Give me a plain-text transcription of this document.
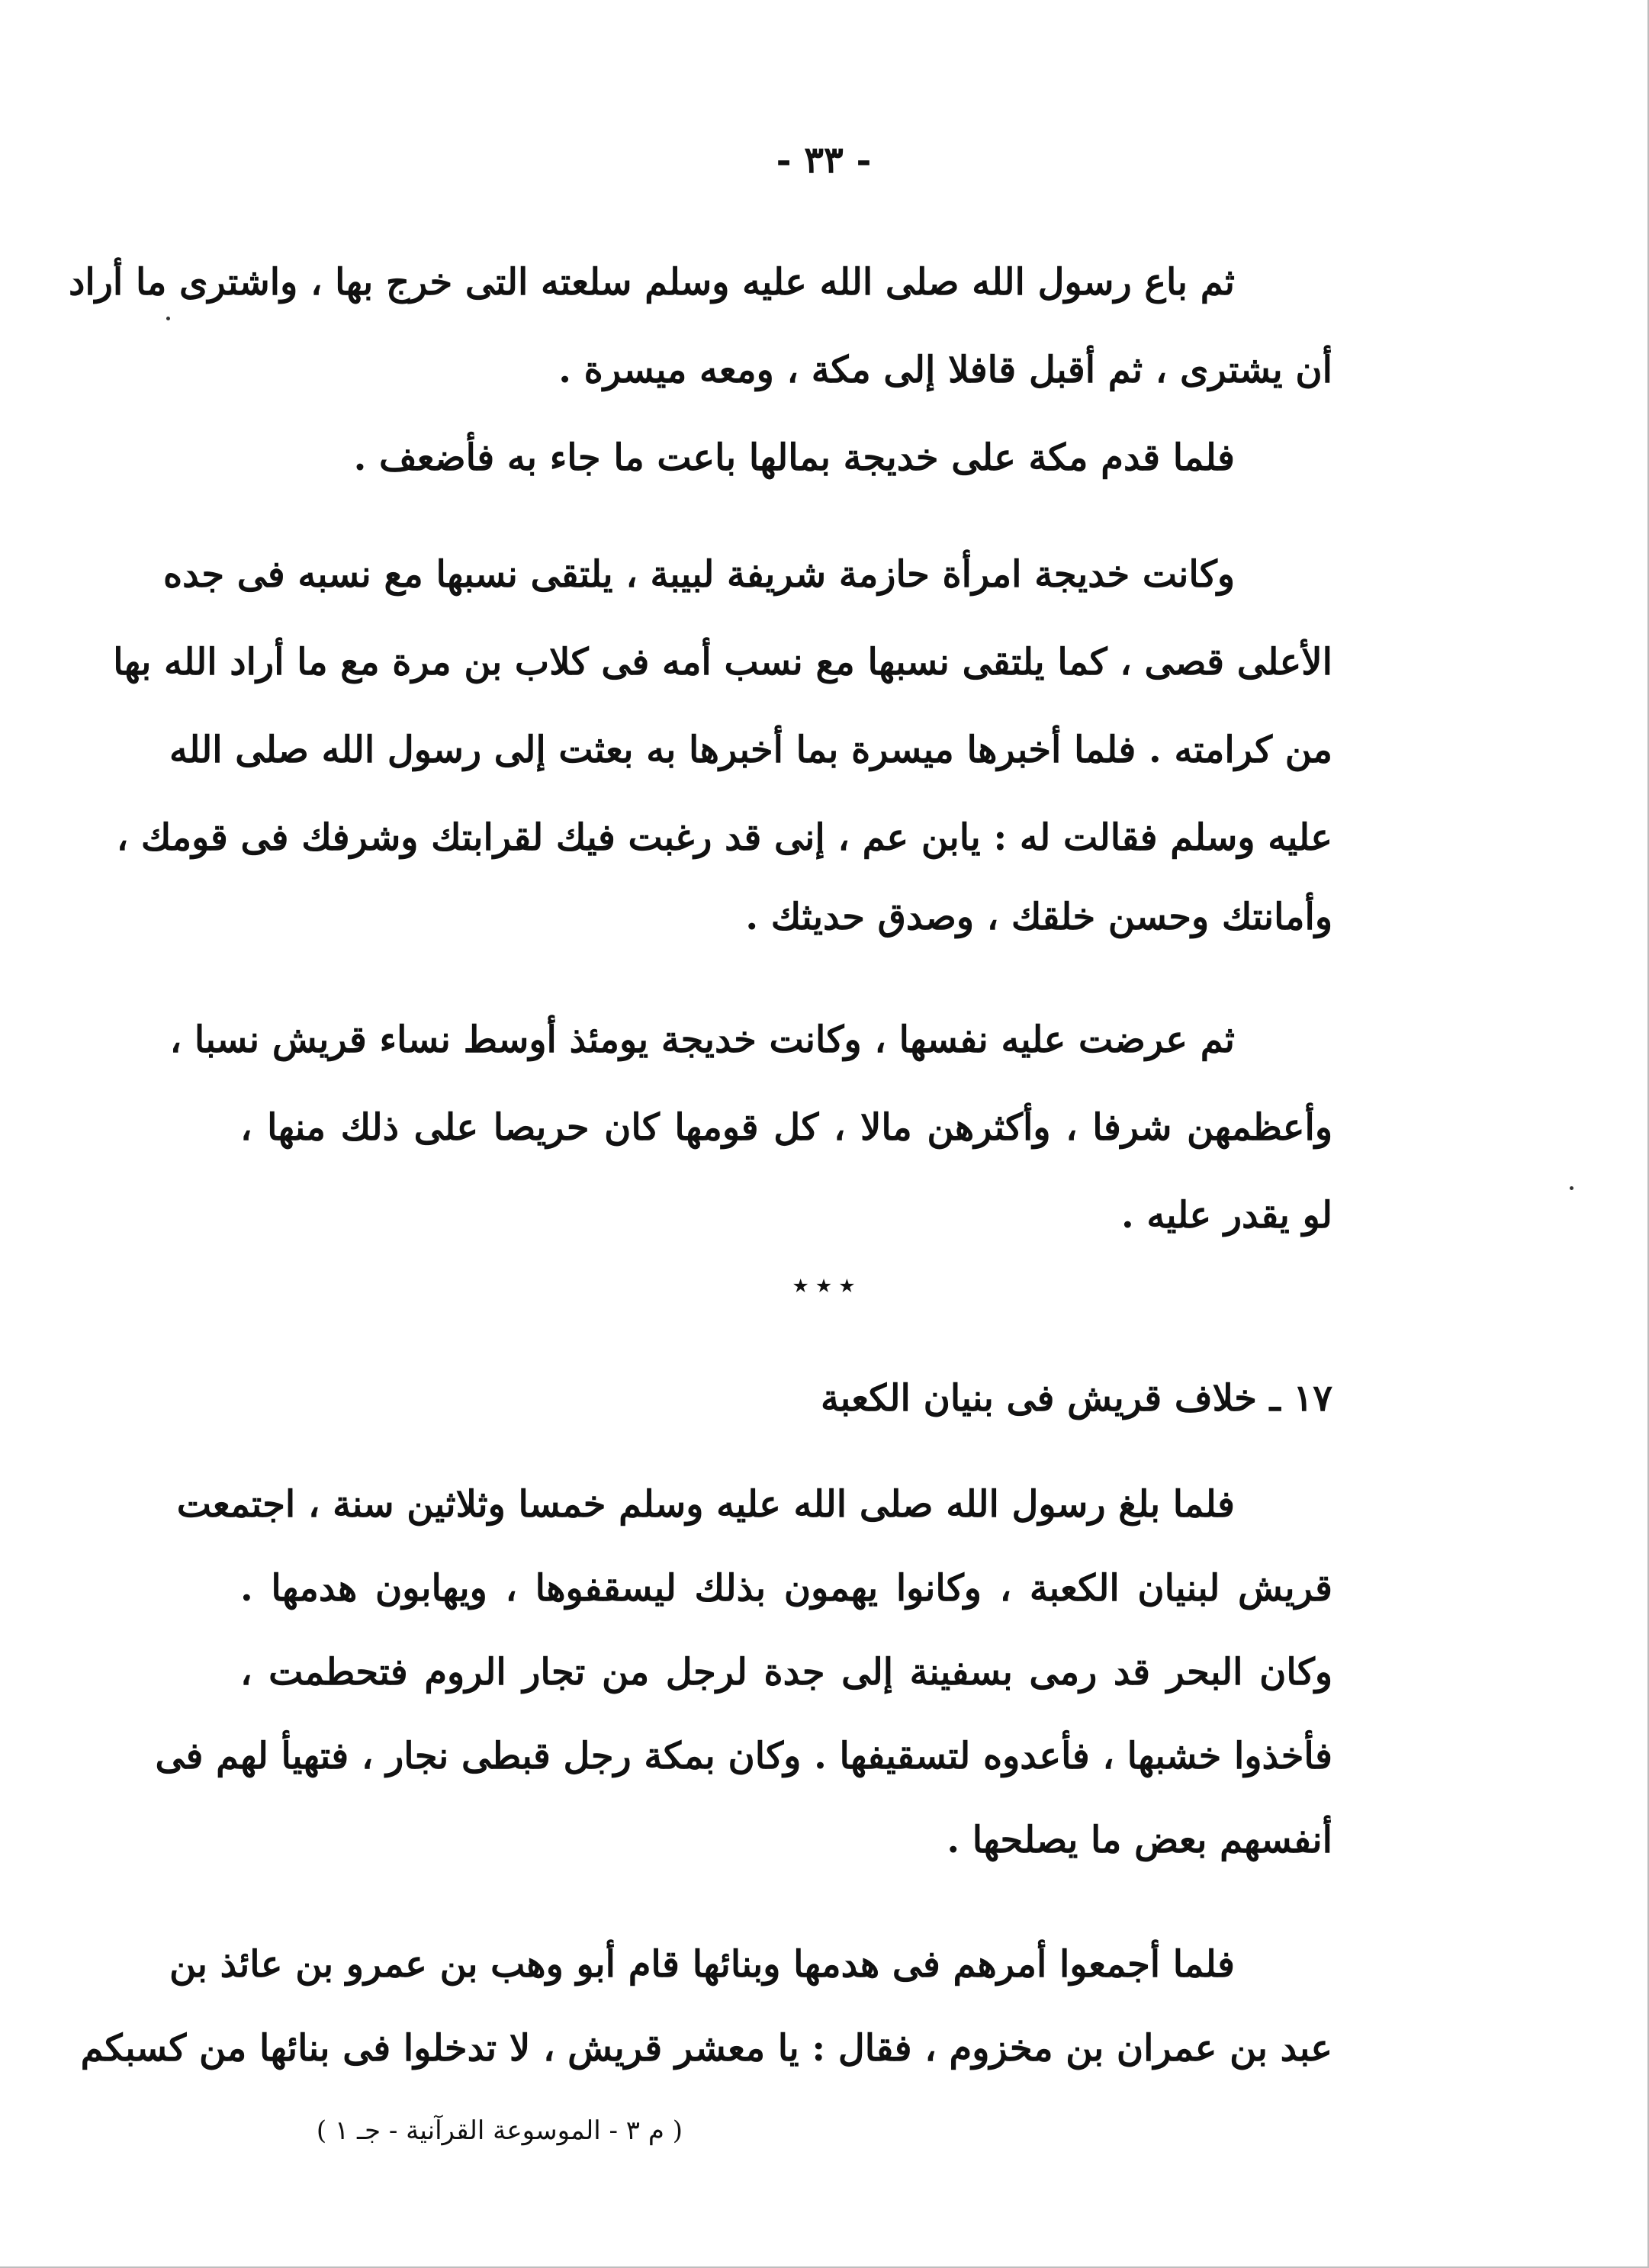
- ٣٣ -
ثم باع رسول الله صلى الله عليه وسلم سلعته التى خرج بها ، واشترى ما أراد
أن يشترى ، ثم أقبل قافلا إلى مكة ، ومعه ميسرة .
فلما قدم مكة على خديجة بمالها باعت ما جاء به فأضعف .
وكانت خديجة امرأة حازمة شريفة لبيبة ، يلتقى نسبها مع نسبه فى جده
الأعلى قصى ، كما يلتقى نسبها مع نسب أمه فى كلاب بن مرة مع ما أراد الله بها
من كرامته . فلما أخبرها ميسرة بما أخبرها به بعثت إلى رسول الله صلى الله
عليه وسلم فقالت له : يابن عم ، إنى قد رغبت فيك لقرابتك وشرفك فى قومك ،
وأمانتك وحسن خلقك ، وصدق حديثك .
ثم عرضت عليه نفسها ، وكانت خديجة يومئذ أوسط نساء قريش نسبا ،
وأعظمهن شرفا ، وأكثرهن مالا ، كل قومها كان حريصا على ذلك منها ،
لو يقدر عليه .
٭ ٭ ٭
١٧ ـ خلاف قريش فى بنيان الكعبة
فلما بلغ رسول الله صلى الله عليه وسلم خمسا وثلاثين سنة ، اجتمعت
قريش لبنيان الكعبة ، وكانوا يهمون بذلك ليسقفوها ، ويهابون هدمها .
وكان البحر قد رمى بسفينة إلى جدة لرجل من تجار الروم فتحطمت ،
فأخذوا خشبها ، فأعدوه لتسقيفها . وكان بمكة رجل قبطى نجار ، فتهيأ لهم فى
أنفسهم بعض ما يصلحها .
فلما أجمعوا أمرهم فى هدمها وبنائها قام أبو وهب بن عمرو بن عائذ بن
عبد بن عمران بن مخزوم ، فقال : يا معشر قريش ، لا تدخلوا فى بنائها من كسبكم
( م ٣ - الموسوعة القرآنية - جـ ١ )
